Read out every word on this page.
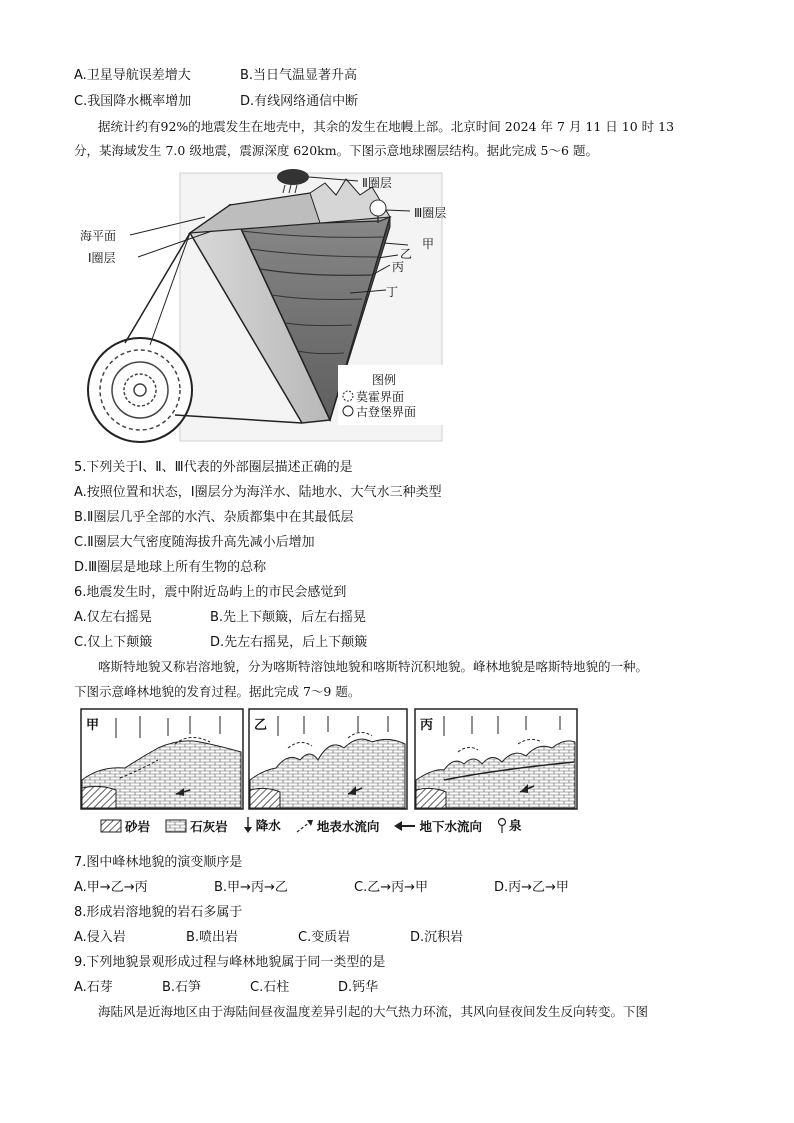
A.卫星导航误差增大	B.当日气温显著升高
C.我国降水概率增加	D.有线网络通信中断
据统计约有92%的地震发生在地壳中，其余的发生在地幔上部。北京时间 2024 年 7 月 11 日 10 时 13
分，某海域发生 7.0 级地震，震源深度 620km。下图示意地球圈层结构。据此完成 5～6 题。
海平面
Ⅰ圈层
Ⅱ圈层
Ⅲ圈层
甲
乙
丙
丁
图例
莫霍界面
古登堡界面
5.下列关于Ⅰ、Ⅱ、Ⅲ代表的外部圈层描述正确的是
A.按照位置和状态，Ⅰ圈层分为海洋水、陆地水、大气水三种类型
B.Ⅱ圈层几乎全部的水汽、杂质都集中在其最低层
C.Ⅱ圈层大气密度随海拔升高先减小后增加
D.Ⅲ圈层是地球上所有生物的总称
6.地震发生时，震中附近岛屿上的市民会感觉到
A.仅左右摇晃	B.先上下颠簸，后左右摇晃
C.仅上下颠簸	D.先左右摇晃，后上下颠簸
喀斯特地貌又称岩溶地貌，分为喀斯特溶蚀地貌和喀斯特沉积地貌。峰林地貌是喀斯特地貌的一种。
下图示意峰林地貌的发育过程。据此完成 7～9 题。
甲	乙	丙
砂岩
	石灰岩
降水
	地表水流向
	地下水流向
泉
7.图中峰林地貌的演变顺序是
A.甲→乙→丙	B.甲→丙→乙	C.乙→丙→甲	D.丙→乙→甲
8.形成岩溶地貌的岩石多属于
A.侵入岩	B.喷出岩	C.变质岩	D.沉积岩
9.下列地貌景观形成过程与峰林地貌属于同一类型的是
A.石芽	B.石笋	C.石柱	D.钙华
海陆风是近海地区由于海陆间昼夜温度差异引起的大气热力环流，其风向昼夜间发生反向转变。下图
